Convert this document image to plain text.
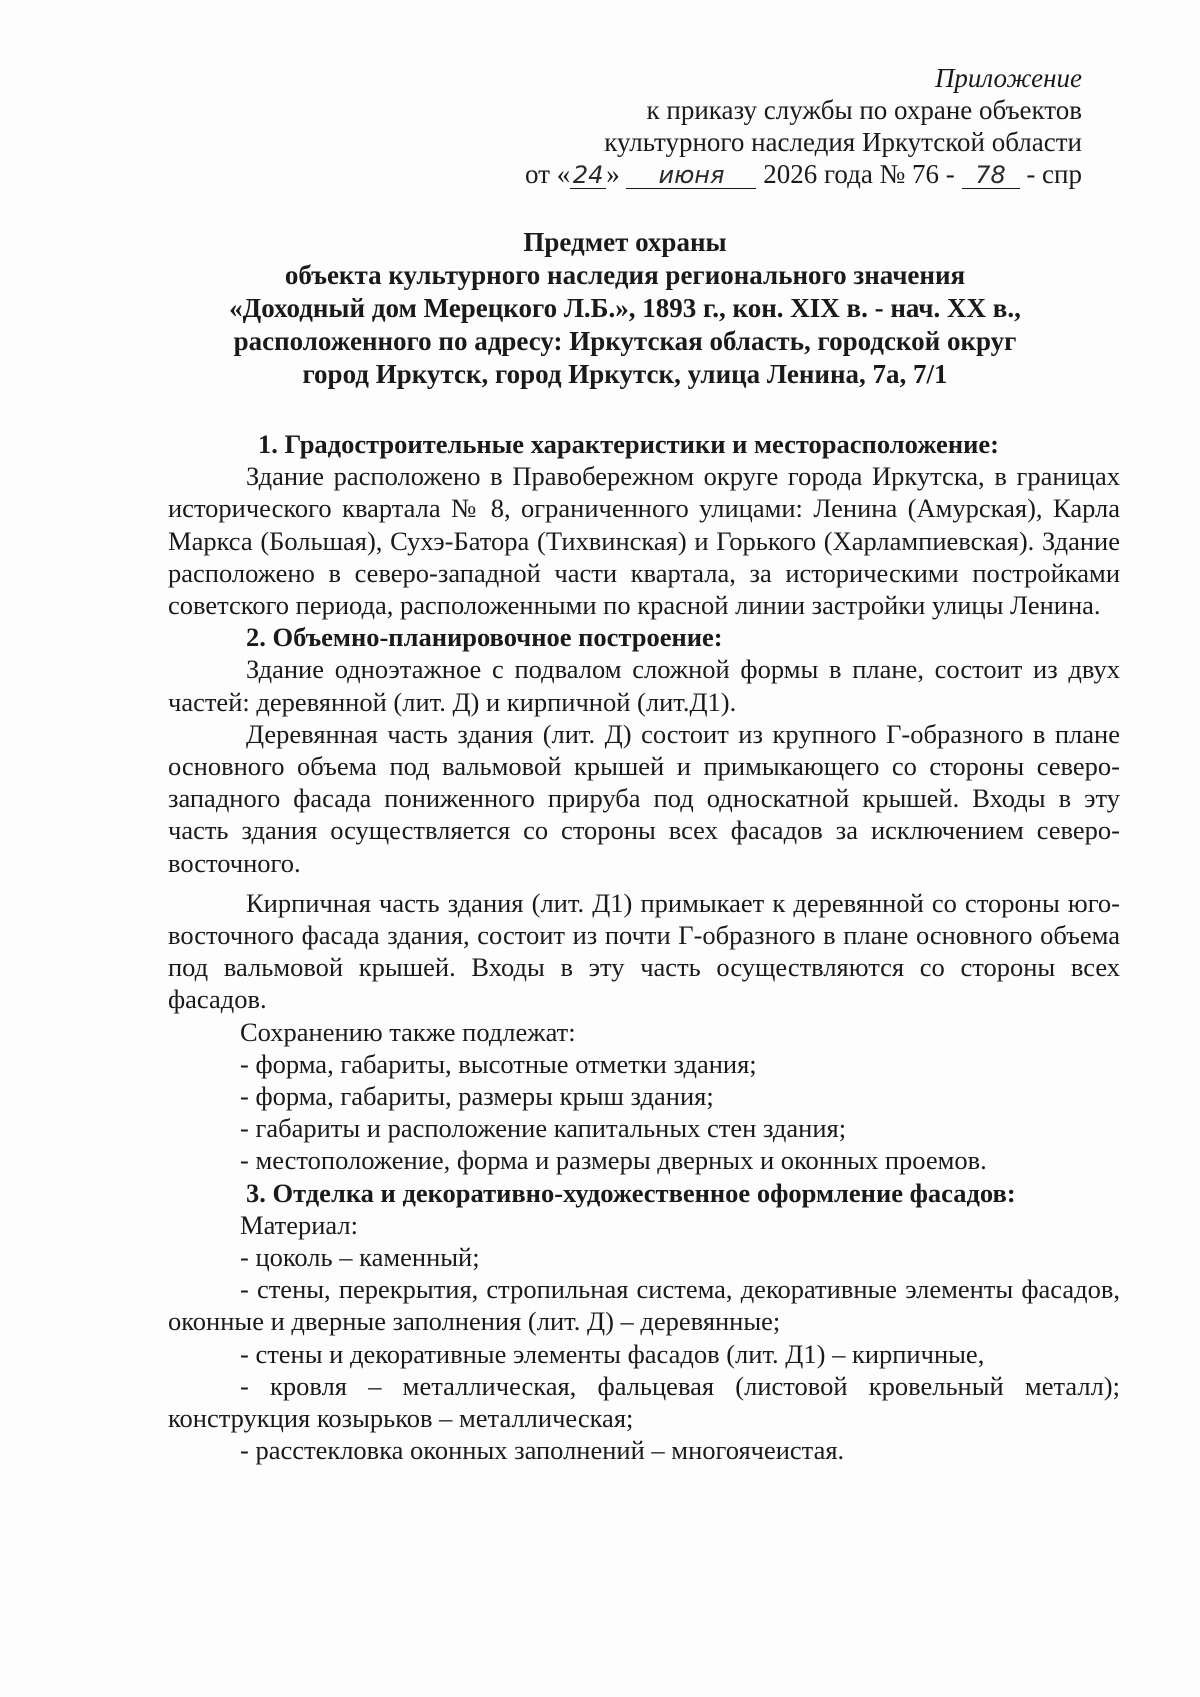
Приложение
к приказу службы по охране объектов
культурного наследия Иркутской области
от « 24 » июня 2026 года № 76 - 78 - спр
Предмет охраны
объекта культурного наследия регионального значения
«Доходный дом Мерецкого Л.Б.», 1893 г., кон. XIX в. - нач. XX в.,
расположенного по адресу: Иркутская область, городской округ
город Иркутск, город Иркутск, улица Ленина, 7а, 7/1

1. Градостроительные характеристики и месторасположение:

Здание расположено в Правобережном округе города Иркутска, в границах исторического квартала № 8, ограниченного улицами: Ленина (Амурская), Карла Маркса (Большая), Сухэ-Батора (Тихвинская) и Горького (Харлампиевская). Здание расположено в северо-западной части квартала, за историческими постройками советского периода, расположенными по красной линии застройки улицы Ленина.

2. Объемно-планировочное построение:

Здание одноэтажное с подвалом сложной формы в плане, состоит из двух частей: деревянной (лит. Д) и кирпичной (лит.Д1).

Деревянная часть здания (лит. Д) состоит из крупного Г-образного в плане основного объема под вальмовой крышей и примыкающего со стороны северо-западного фасада пониженного прируба под односкатной крышей. Входы в эту часть здания осуществляется со стороны всех фасадов за исключением северо-восточного.

Кирпичная часть здания (лит. Д1) примыкает к деревянной со стороны юго-восточного фасада здания, состоит из почти Г-образного в плане основного объема под вальмовой крышей. Входы в эту часть осуществляются со стороны всех фасадов.

Сохранению также подлежат:

- форма, габариты, высотные отметки здания;

- форма, габариты, размеры крыш здания;

- габариты и расположение капитальных стен здания;

- местоположение, форма и размеры дверных и оконных проемов.

3. Отделка и декоративно-художественное оформление фасадов:

Материал:

- цоколь – каменный;

- стены, перекрытия, стропильная система, декоративные элементы фасадов, оконные и дверные заполнения (лит. Д) – деревянные;

- стены и декоративные элементы фасадов (лит. Д1) – кирпичные,

- кровля – металлическая, фальцевая (листовой кровельный металл); конструкция козырьков – металлическая;

- расстекловка оконных заполнений – многоячеистая.
